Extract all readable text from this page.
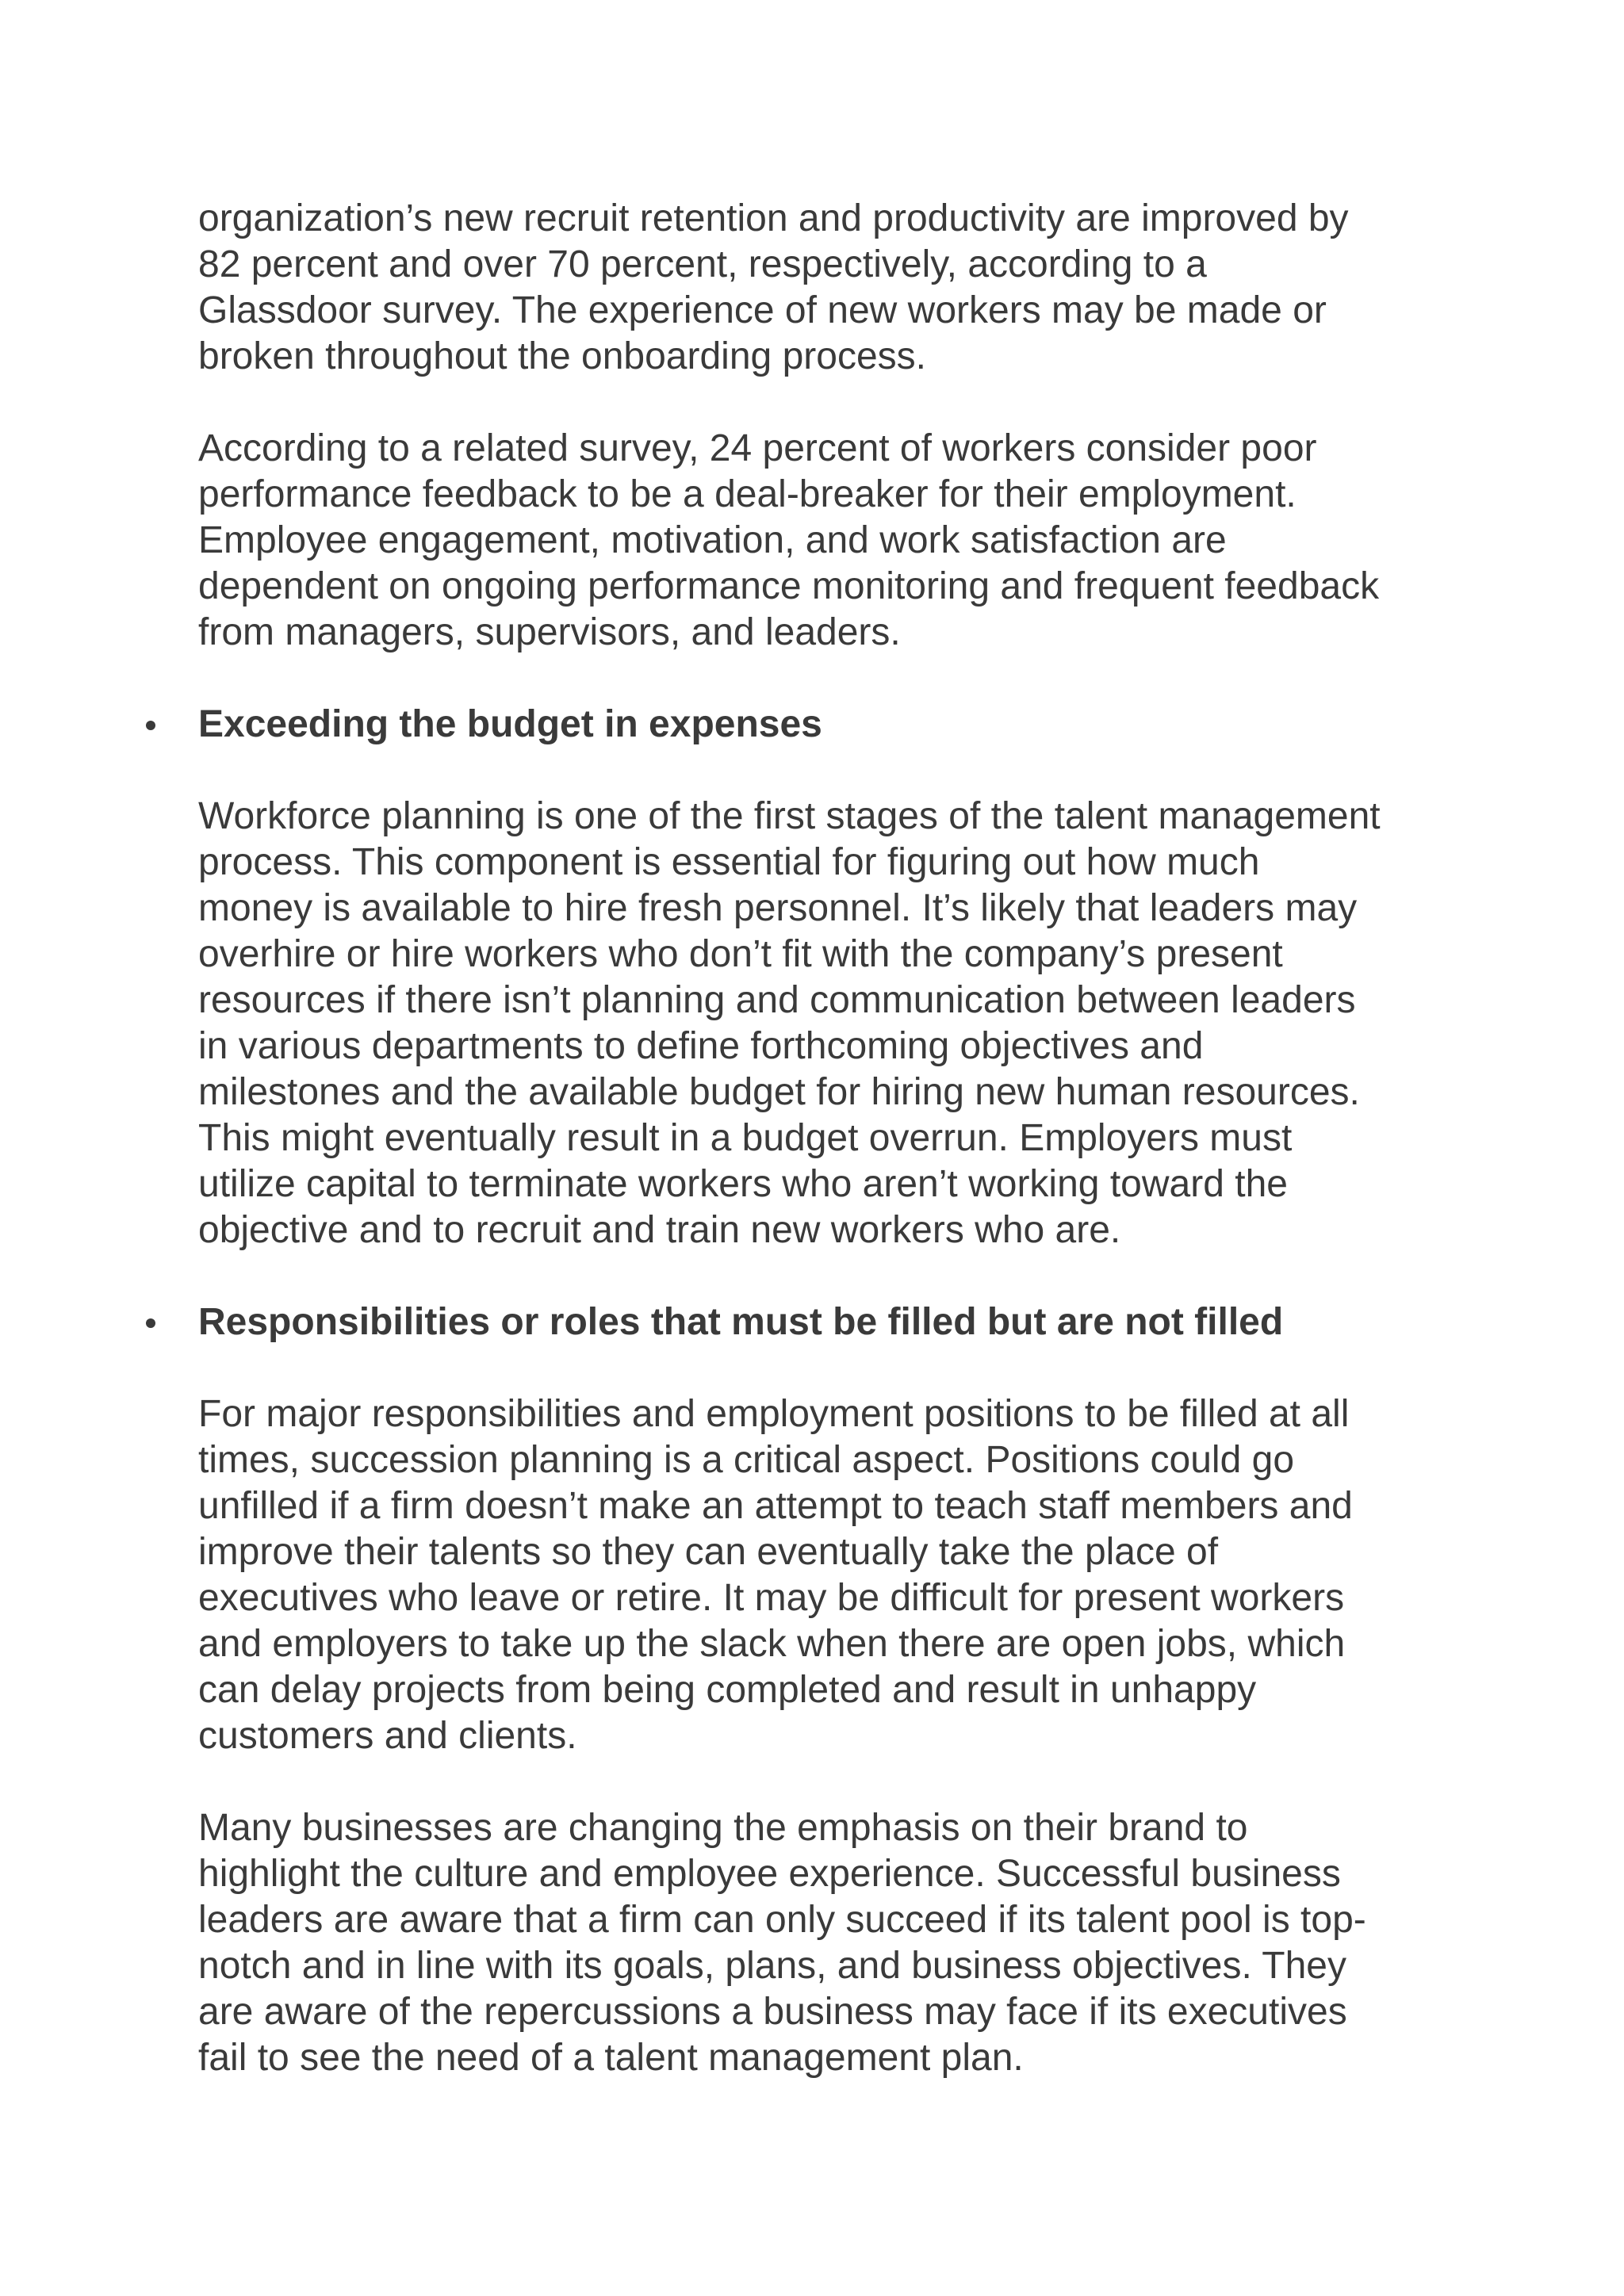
organization’s new recruit retention and productivity are improved by
82 percent and over 70 percent, respectively, according to a
Glassdoor survey. The experience of new workers may be made or
broken throughout the onboarding process.

According to a related survey, 24 percent of workers consider poor
performance feedback to be a deal-breaker for their employment.
Employee engagement, motivation, and work satisfaction are
dependent on ongoing performance monitoring and frequent feedback
from managers, supervisors, and leaders.

Exceeding the budget in expenses

Workforce planning is one of the first stages of the talent management
process. This component is essential for figuring out how much
money is available to hire fresh personnel. It’s likely that leaders may
overhire or hire workers who don’t fit with the company’s present
resources if there isn’t planning and communication between leaders
in various departments to define forthcoming objectives and
milestones and the available budget for hiring new human resources.
This might eventually result in a budget overrun. Employers must
utilize capital to terminate workers who aren’t working toward the
objective and to recruit and train new workers who are.

Responsibilities or roles that must be filled but are not filled

For major responsibilities and employment positions to be filled at all
times, succession planning is a critical aspect. Positions could go
unfilled if a firm doesn’t make an attempt to teach staff members and
improve their talents so they can eventually take the place of
executives who leave or retire. It may be difficult for present workers
and employers to take up the slack when there are open jobs, which
can delay projects from being completed and result in unhappy
customers and clients.

Many businesses are changing the emphasis on their brand to
highlight the culture and employee experience. Successful business
leaders are aware that a firm can only succeed if its talent pool is top-
notch and in line with its goals, plans, and business objectives. They
are aware of the repercussions a business may face if its executives
fail to see the need of a talent management plan.
